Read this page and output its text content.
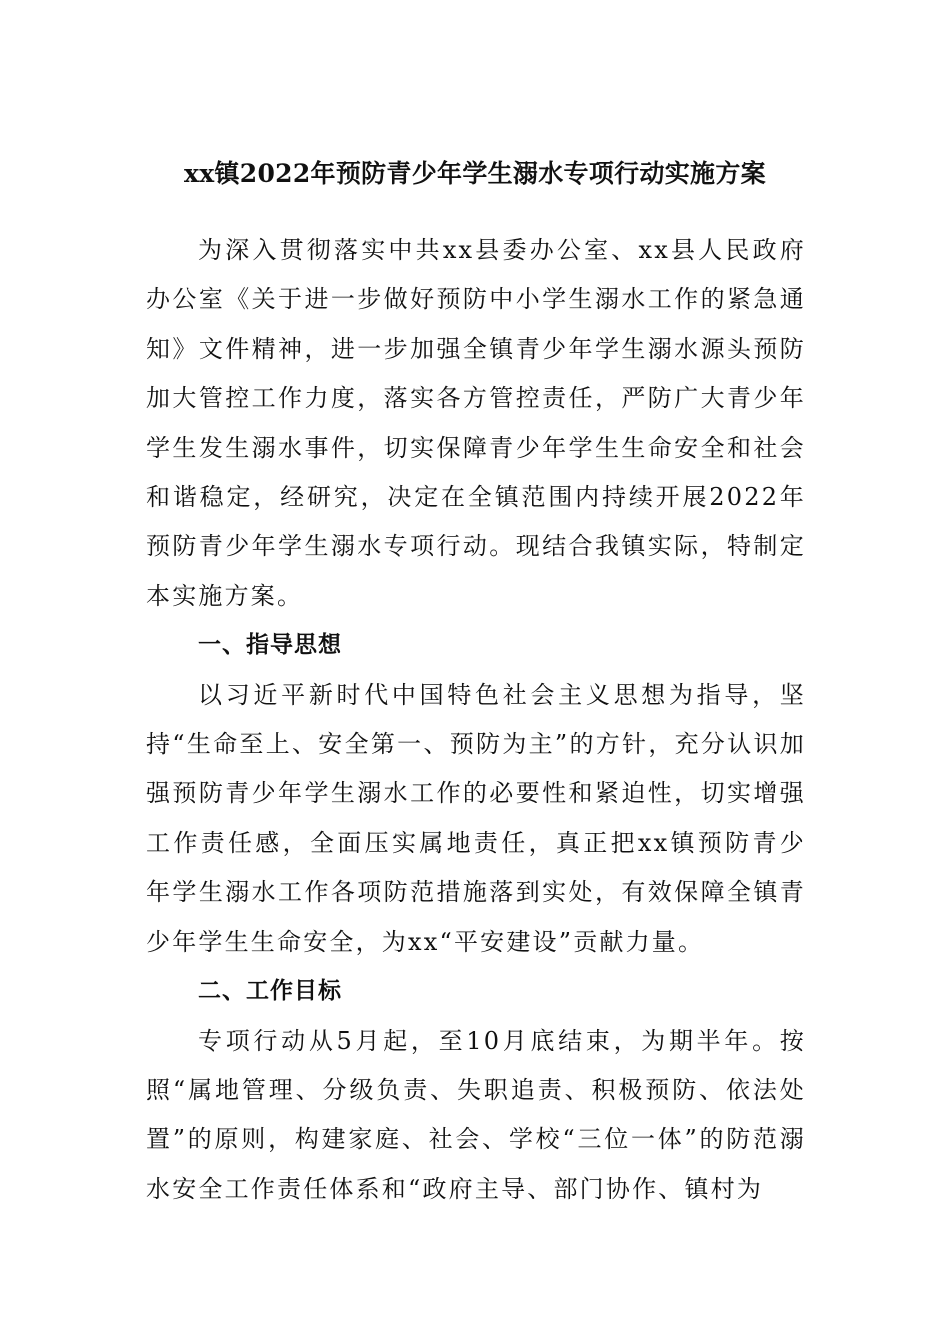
xx镇2022年预防青少年学生溺水专项行动实施方案

为深入贯彻落实中共xx县委办公室、xx县人民政府办公室《关于进一步做好预防中小学生溺水工作的紧急通知》文件精神，进一步加强全镇青少年学生溺水源头预防加大管控工作力度，落实各方管控责任，严防广大青少年学生发生溺水事件，切实保障青少年学生生命安全和社会和谐稳定，经研究，决定在全镇范围内持续开展2022年预防青少年学生溺水专项行动。现结合我镇实际，特制定本实施方案。

一、指导思想

以习近平新时代中国特色社会主义思想为指导，坚持“生命至上、安全第一、预防为主”的方针，充分认识加强预防青少年学生溺水工作的必要性和紧迫性，切实增强工作责任感，全面压实属地责任，真正把xx镇预防青少年学生溺水工作各项防范措施落到实处，有效保障全镇青少年学生生命安全，为xx“平安建设”贡献力量。

二、工作目标

专项行动从5月起，至10月底结束，为期半年。按照“属地管理、分级负责、失职追责、积极预防、依法处置”的原则，构建家庭、社会、学校“三位一体”的防范溺水安全工作责任体系和“政府主导、部门协作、镇村为
